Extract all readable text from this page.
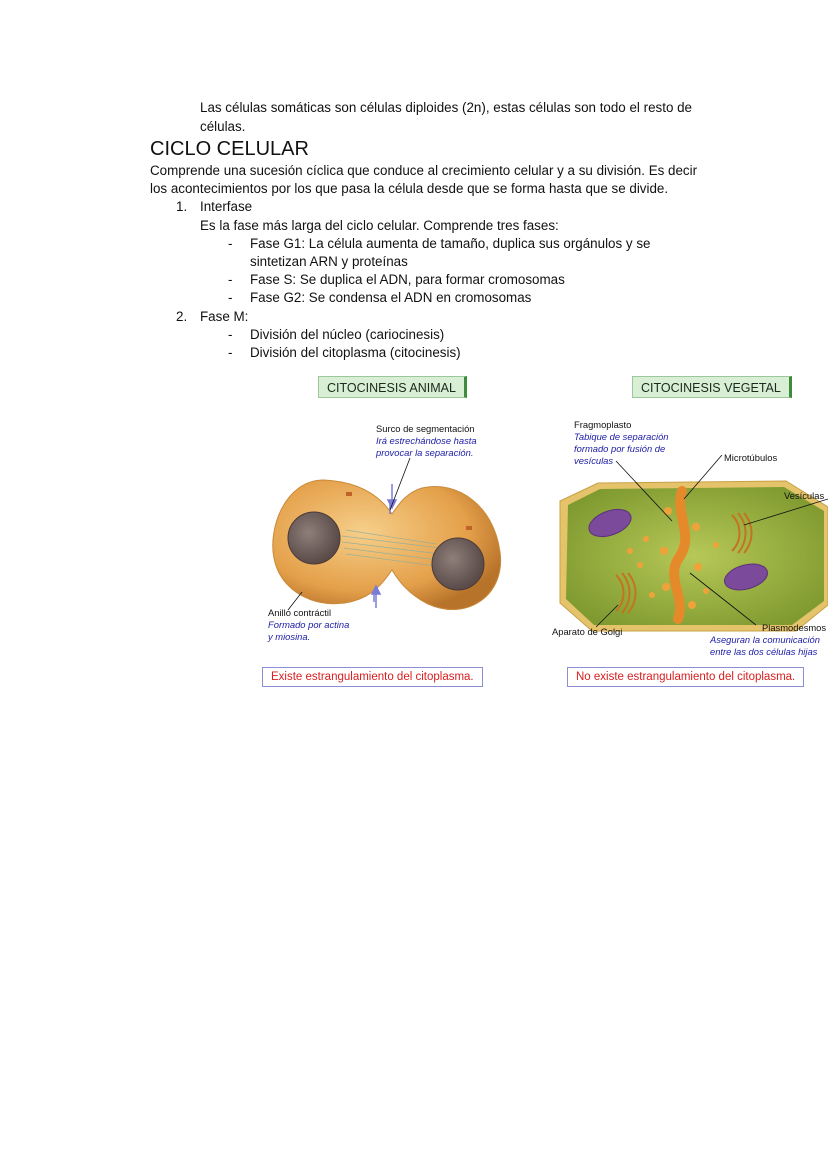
Las células somáticas son células diploides (2n), estas células son todo el resto de
células.
CICLO CELULAR
Comprende una sucesión cíclica que conduce al crecimiento celular y a su división. Es decir
los acontecimientos por los que pasa la célula desde que se forma hasta que se divide.
1. Interfase
Es la fase más larga del ciclo celular. Comprende tres fases:
-	Fase G1: La célula aumenta de tamaño, duplica sus orgánulos y se
sintetizan ARN y proteínas
-	Fase S: Se duplica el ADN, para formar cromosomas
-	Fase G2: Se condensa el ADN en cromosomas
2. Fase M:
-	División del núcleo (cariocinesis)
-	División del citoplasma (citocinesis)
CITOCINESIS ANIMAL
Surco de segmentación
Irá estrechándose hasta
provocar la separación.
Anillo contráctil
Formado por actina
y miosina.
Existe estrangulamiento del citoplasma.
CITOCINESIS VEGETAL
Fragmoplasto
Tabique de separación
formado por fusión de
vesículas	Microtúbulos
Vesículas
Aparato de Golgi	Plasmodesmos
Aseguran la comunicación
entre las dos células hijas
No existe estrangulamiento del citoplasma.
